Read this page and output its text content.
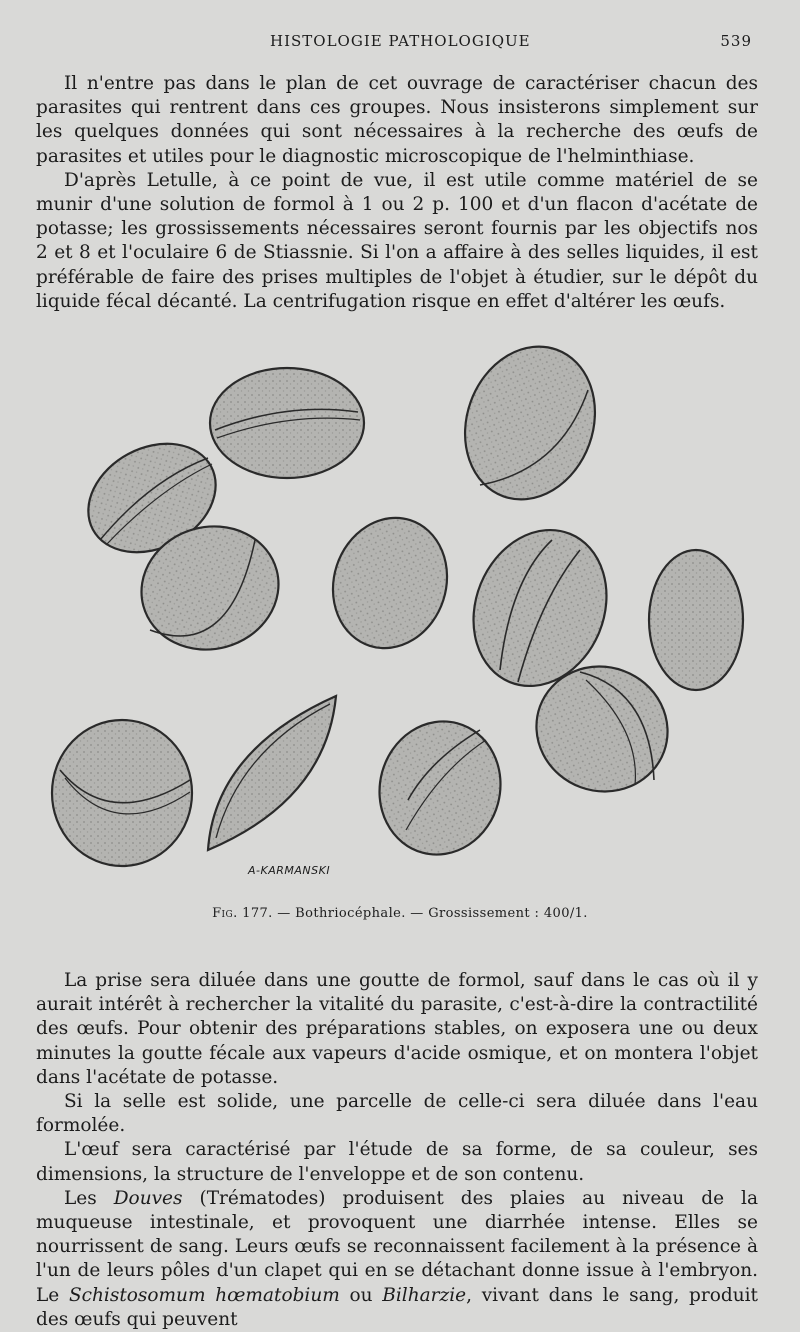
HISTOLOGIE PATHOLOGIQUE	539

Il n'entre pas dans le plan de cet ouvrage de caractériser chacun des parasites qui rentrent dans ces groupes. Nous insisterons simplement sur les quelques données qui sont nécessaires à la recherche des œufs de parasites et utiles pour le diagnostic microscopique de l'helminthiase.

D'après Letulle, à ce point de vue, il est utile comme matériel de se munir d'une solution de formol à 1 ou 2 p. 100 et d'un flacon d'acétate de potasse; les grossissements nécessaires seront fournis par les objectifs nos 2 et 8 et l'oculaire 6 de Stiassnie. Si l'on a affaire à des selles liquides, il est préférable de faire des prises multiples de l'objet à étudier, sur le dépôt du liquide fécal décanté. La centrifugation risque en effet d'altérer les œufs.

A-KARMANSKI
Fig. 177. — Bothriocéphale. — Grossissement : 400/1.

La prise sera diluée dans une goutte de formol, sauf dans le cas où il y aurait intérêt à rechercher la vitalité du parasite, c'est-à-dire la contractilité des œufs. Pour obtenir des préparations stables, on exposera une ou deux minutes la goutte fécale aux vapeurs d'acide osmique, et on montera l'objet dans l'acétate de potasse.

Si la selle est solide, une parcelle de celle-ci sera diluée dans l'eau formolée.

L'œuf sera caractérisé par l'étude de sa forme, de sa couleur, ses dimensions, la structure de l'enveloppe et de son contenu.

Les Douves (Trématodes) produisent des plaies au niveau de la muqueuse intestinale, et provoquent une diarrhée intense. Elles se nourrissent de sang. Leurs œufs se reconnaissent facilement à la présence à l'un de leurs pôles d'un clapet qui en se détachant donne issue à l'embryon. Le Schistosomum hœmatobium ou Bilharzie, vivant dans le sang, produit des œufs qui peuvent
